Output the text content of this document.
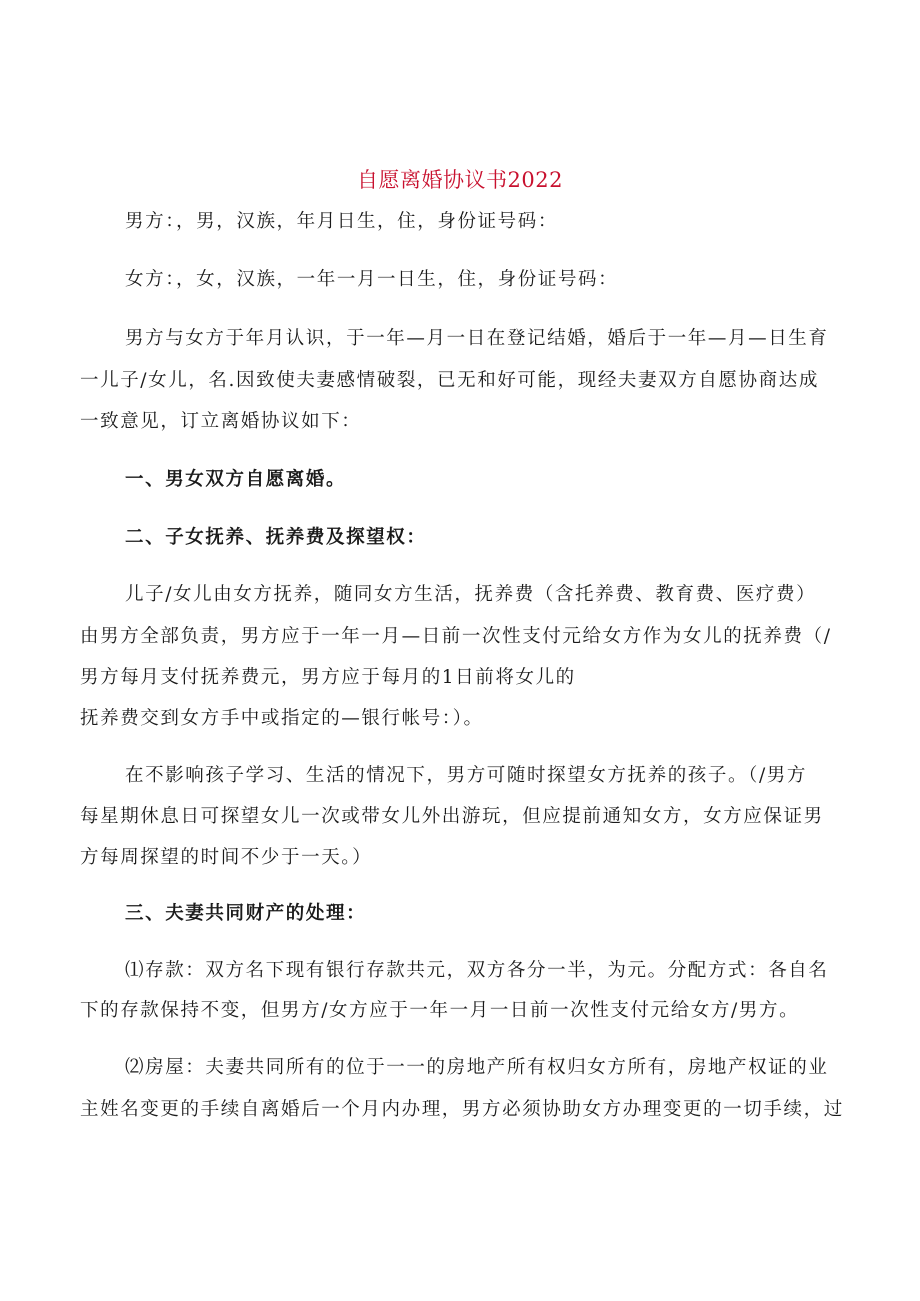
自愿离婚协议书2022
男方：，男，汉族，年月日生，住，身份证号码：
女方：，女，汉族，一年一月一日生，住，身份证号码：
男方与女方于年月认识，于一年—月一日在登记结婚，婚后于一年—月—日生育
一儿子/女儿，名.因致使夫妻感情破裂，已无和好可能，现经夫妻双方自愿协商达成
一致意见，订立离婚协议如下：
一、男女双方自愿离婚。
二、子女抚养、抚养费及探望权：
儿子/女儿由女方抚养，随同女方生活，抚养费（含托养费、教育费、医疗费）
由男方全部负责，男方应于一年一月—日前一次性支付元给女方作为女儿的抚养费（/
男方每月支付抚养费元，男方应于每月的1日前将女儿的
抚养费交到女方手中或指定的—银行帐号：）。
在不影响孩子学习、生活的情况下，男方可随时探望女方抚养的孩子。（/男方
每星期休息日可探望女儿一次或带女儿外出游玩，但应提前通知女方，女方应保证男
方每周探望的时间不少于一天。）
三、夫妻共同财产的处理：
⑴存款：双方名下现有银行存款共元，双方各分一半，为元。分配方式：各自名
下的存款保持不变，但男方/女方应于一年一月一日前一次性支付元给女方/男方。
⑵房屋：夫妻共同所有的位于一一的房地产所有权归女方所有，房地产权证的业
主姓名变更的手续自离婚后一个月内办理，男方必须协助女方办理变更的一切手续，过
